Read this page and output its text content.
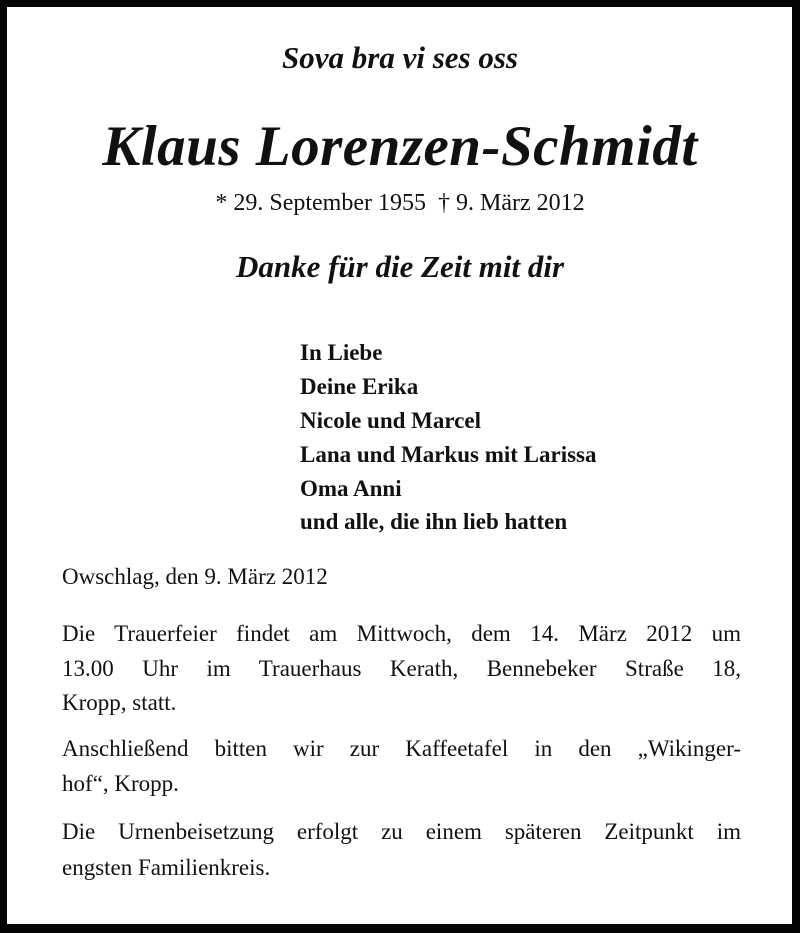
Sova bra vi ses oss
Klaus Lorenzen-Schmidt
* 29. September 1955  † 9. März 2012
Danke für die Zeit mit dir
In Liebe
Deine Erika
Nicole und Marcel
Lana und Markus mit Larissa
Oma Anni
und alle, die ihn lieb hatten
Owschlag, den 9. März 2012
Die Trauerfeier findet am Mittwoch, dem 14. März 2012 um
13.00 Uhr im Trauerhaus Kerath, Bennebeker Straße 18,
Kropp, statt.
Anschließend bitten wir zur Kaffeetafel in den „Wikinger-
hof“, Kropp.
Die Urnenbeisetzung erfolgt zu einem späteren Zeitpunkt im
engsten Familienkreis.
